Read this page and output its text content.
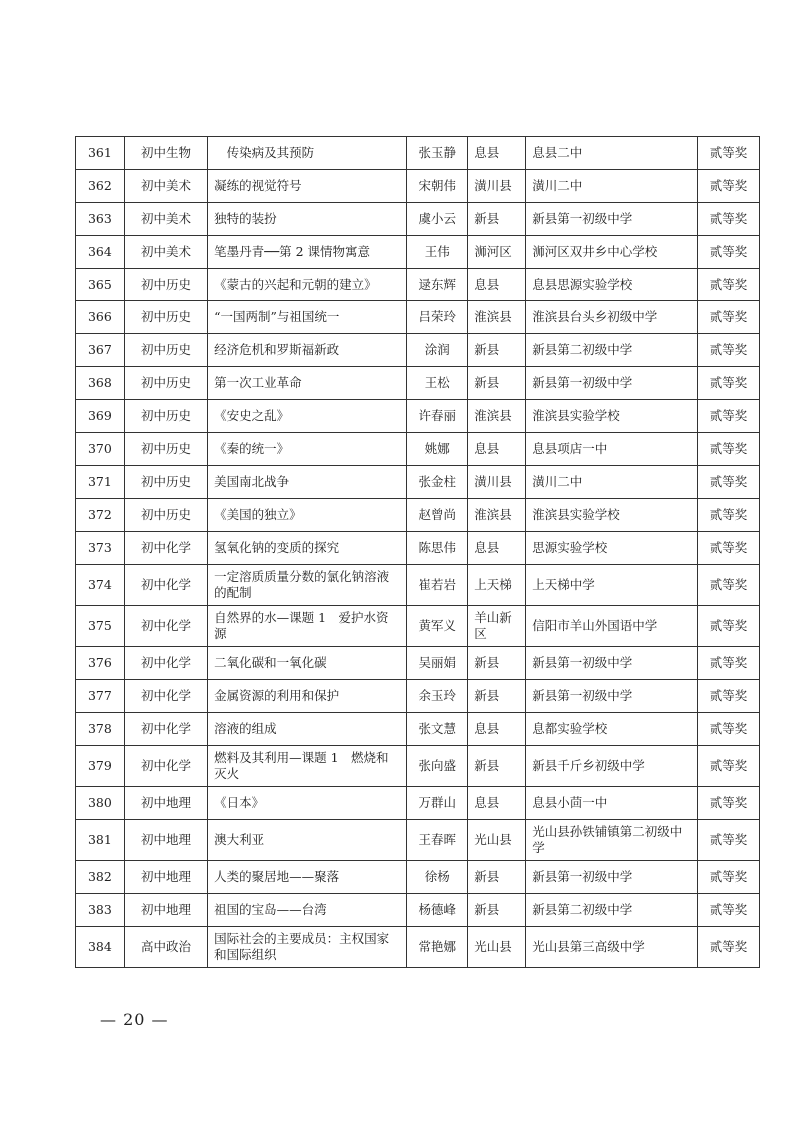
361	初中生物	　传染病及其预防	张玉静	息县	息县二中	贰等奖
362	初中美术	凝练的视觉符号	宋朝伟	潢川县	潢川二中	贰等奖
363	初中美术	独特的装扮	虞小云	新县	新县第一初级中学	贰等奖
364	初中美术	笔墨丹青──第 2 课情物寓意	王伟	浉河区	浉河区双井乡中心学校	贰等奖
365	初中历史	《蒙古的兴起和元朝的建立》	逯东辉	息县	息县思源实验学校	贰等奖
366	初中历史	“一国两制”与祖国统一	吕荣玲	淮滨县	淮滨县台头乡初级中学	贰等奖
367	初中历史	经济危机和罗斯福新政	涂润	新县	新县第二初级中学	贰等奖
368	初中历史	第一次工业革命	王松	新县	新县第一初级中学	贰等奖
369	初中历史	《安史之乱》	许春丽	淮滨县	淮滨县实验学校	贰等奖
370	初中历史	《秦的统一》	姚娜	息县	息县项店一中	贰等奖
371	初中历史	美国南北战争	张金柱	潢川县	潢川二中	贰等奖
372	初中历史	《美国的独立》	赵曾尚	淮滨县	淮滨县实验学校	贰等奖
373	初中化学	氢氧化钠的变质的探究	陈思伟	息县	思源实验学校	贰等奖
374	初中化学	一定溶质质量分数的氯化钠溶液的配制	崔若岩	上天梯	上天梯中学	贰等奖
375	初中化学	自然界的水—课题 1　爱护水资源	黄军义	羊山新区	信阳市羊山外国语中学	贰等奖
376	初中化学	二氧化碳和一氧化碳	吴丽娟	新县	新县第一初级中学	贰等奖
377	初中化学	金属资源的利用和保护	余玉玲	新县	新县第一初级中学	贰等奖
378	初中化学	溶液的组成	张文慧	息县	息都实验学校	贰等奖
379	初中化学	燃料及其利用—课题 1　燃烧和灭火	张向盛	新县	新县千斤乡初级中学	贰等奖
380	初中地理	《日本》	万群山	息县	息县小茴一中	贰等奖
381	初中地理	澳大利亚	王春晖	光山县	光山县孙铁铺镇第二初级中学	贰等奖
382	初中地理	人类的聚居地——聚落	徐杨	新县	新县第一初级中学	贰等奖
383	初中地理	祖国的宝岛——台湾	杨德峰	新县	新县第二初级中学	贰等奖
384	高中政治	国际社会的主要成员：主权国家和国际组织	常艳娜	光山县	光山县第三高级中学	贰等奖
— 20 —
